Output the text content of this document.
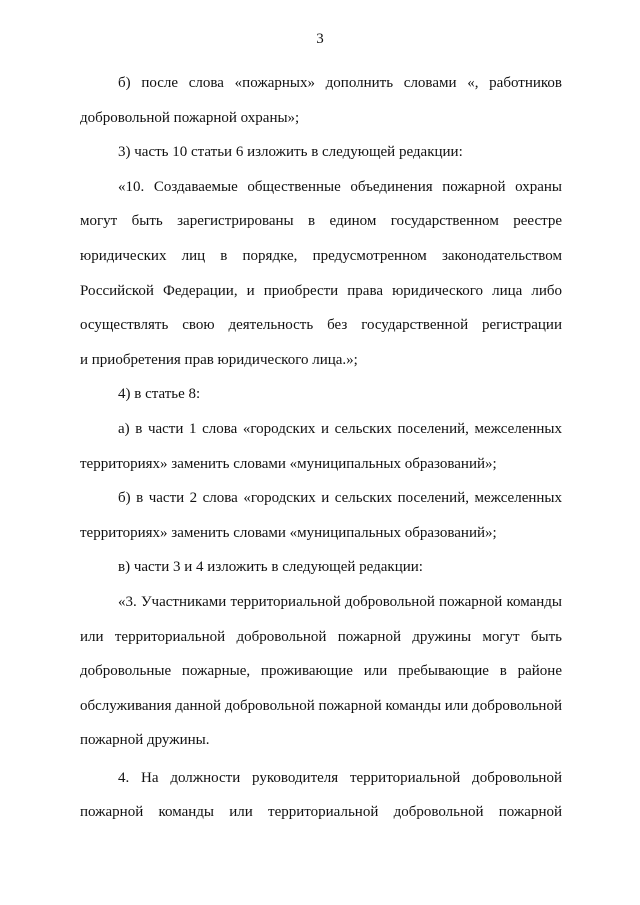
3
б) после слова «пожарных» дополнить словами «, работников
добровольной пожарной охраны»;
3) часть 10 статьи 6 изложить в следующей редакции:
«10. Создаваемые общественные объединения пожарной охраны
могут быть зарегистрированы в едином государственном реестре
юридических лиц в порядке, предусмотренном законодательством
Российской Федерации, и приобрести права юридического лица либо
осуществлять свою деятельность без государственной регистрации
и приобретения прав юридического лица.»;
4) в статье 8:
а) в части 1 слова «городских и сельских поселений, межселенных
территориях» заменить словами «муниципальных образований»;
б) в части 2 слова «городских и сельских поселений, межселенных
территориях» заменить словами «муниципальных образований»;
в) части 3 и 4 изложить в следующей редакции:
«3. Участниками территориальной добровольной пожарной команды
или территориальной добровольной пожарной дружины могут быть
добровольные пожарные, проживающие или пребывающие в районе
обслуживания данной добровольной пожарной команды или добровольной
пожарной дружины.
4. На должности руководителя территориальной добровольной
пожарной команды или территориальной добровольной пожарной
